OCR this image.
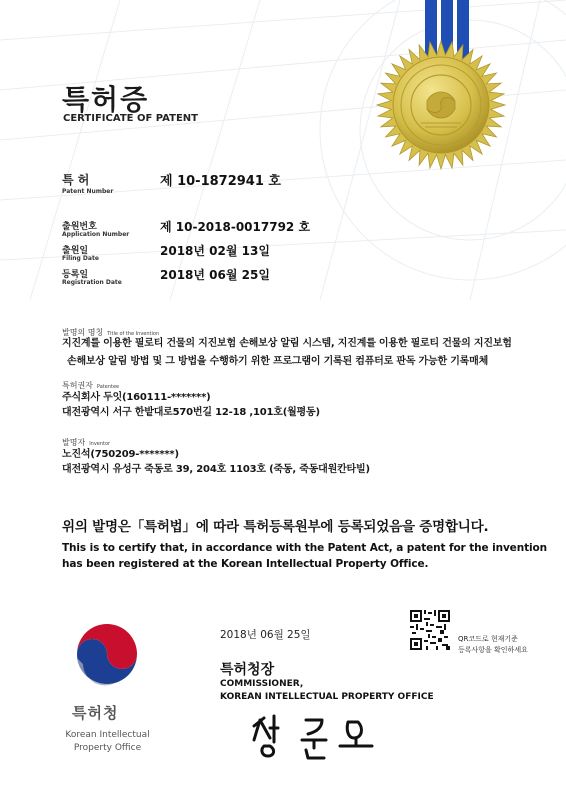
특허증
CERTIFICATE OF PATENT
특 허
Patent Number
제 10-1872941 호
출원번호
Application Number
제 10-2018-0017792 호
출원일
Filing Date
2018년 02월 13일
등록일
Registration Date
2018년 06월 25일
발명의 명칭 Title of the Invention
지진계를 이용한 필로티 건물의 지진보험 손해보상 알림 시스템, 지진계를 이용한 필로티 건물의 지진보험
손해보상 알림 방법 및 그 방법을 수행하기 위한 프로그램이 기록된 컴퓨터로 판독 가능한 기록매체
특허권자 Patentee
주식회사 두잇(160111-*******)
대전광역시 서구 한밭대로570번길 12-18 ,101호(월평동)
발명자 Inventor
노진석(750209-*******)
대전광역시 유성구 죽동로 39, 204호 1103호 (죽동, 죽동대원칸타빌)
위의 발명은「특허법」에 따라 특허등록원부에 등록되었음을 증명합니다.
This is to certify that, in accordance with the Patent Act, a patent for the invention
has been registered at the Korean Intellectual Property Office.
특허청
Korean Intellectual
Property Office
2018년 06월 25일
특허청장
COMMISSIONER,
KOREAN INTELLECTUAL PROPERTY OFFICE
QR코드로 현재기준
등록사항을 확인하세요
